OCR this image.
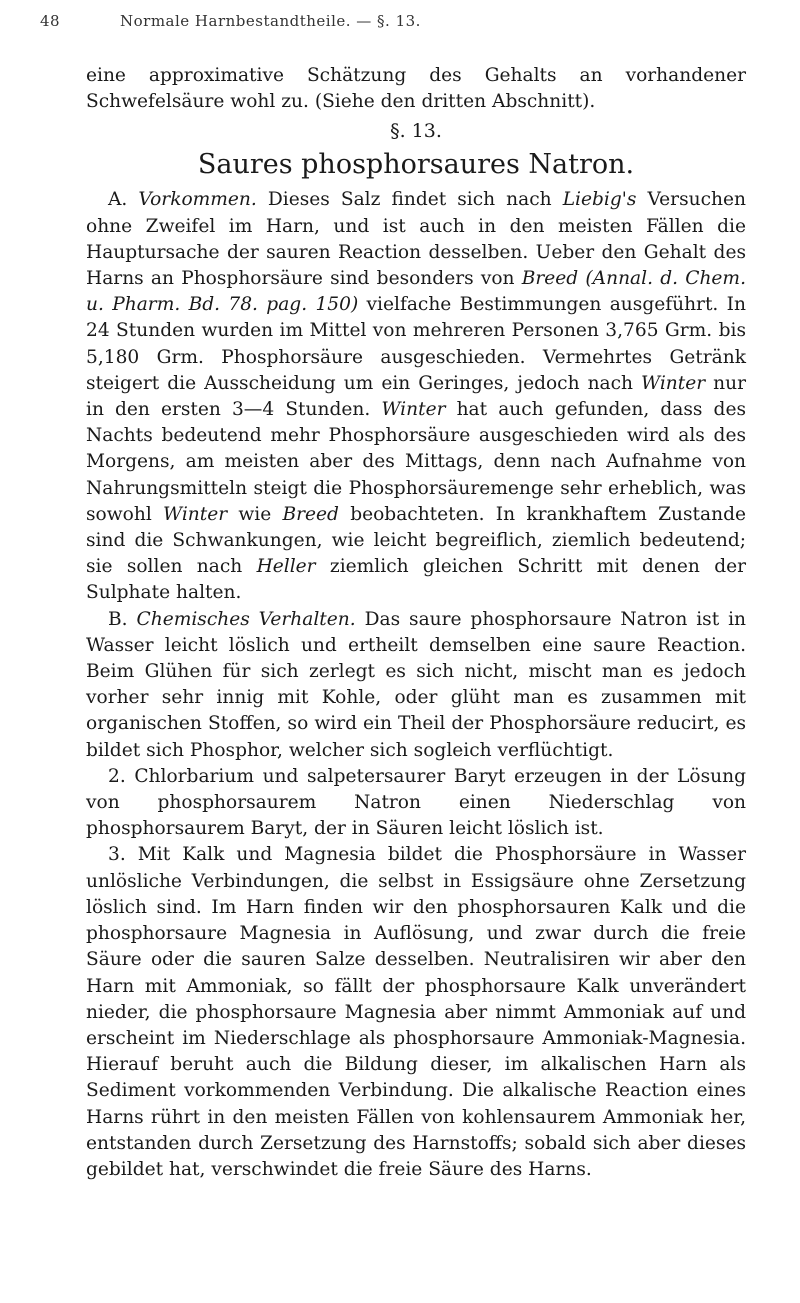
48	Normale Harnbestandtheile. — §. 13.

eine approximative Schätzung des Gehalts an vorhandener Schwefelsäure wohl zu. (Siehe den dritten Abschnitt).

§. 13.
Saures phosphorsaures Natron.

A. Vorkommen. Dieses Salz findet sich nach Liebig's Versuchen ohne Zweifel im Harn, und ist auch in den meisten Fällen die Hauptursache der sauren Reaction desselben. Ueber den Gehalt des Harns an Phosphorsäure sind besonders von Breed (Annal. d. Chem. u. Pharm. Bd. 78. pag. 150) vielfache Bestimmungen ausgeführt. In 24 Stunden wurden im Mittel von mehreren Personen 3,765 Grm. bis 5,180 Grm. Phosphorsäure ausgeschieden. Vermehrtes Getränk steigert die Ausscheidung um ein Geringes, jedoch nach Winter nur in den ersten 3—4 Stunden. Winter hat auch gefunden, dass des Nachts bedeutend mehr Phosphorsäure ausgeschieden wird als des Morgens, am meisten aber des Mittags, denn nach Aufnahme von Nahrungsmitteln steigt die Phosphorsäuremenge sehr erheblich, was sowohl Winter wie Breed beobachteten. In krankhaftem Zustande sind die Schwankungen, wie leicht begreiflich, ziemlich bedeutend; sie sollen nach Heller ziemlich gleichen Schritt mit denen der Sulphate halten.

B. Chemisches Verhalten. Das saure phosphorsaure Natron ist in Wasser leicht löslich und ertheilt demselben eine saure Reaction. Beim Glühen für sich zerlegt es sich nicht, mischt man es jedoch vorher sehr innig mit Kohle, oder glüht man es zusammen mit organischen Stoffen, so wird ein Theil der Phosphorsäure reducirt, es bildet sich Phosphor, welcher sich sogleich verflüchtigt.

2. Chlorbarium und salpetersaurer Baryt erzeugen in der Lösung von phosphorsaurem Natron einen Niederschlag von phosphorsaurem Baryt, der in Säuren leicht löslich ist.

3. Mit Kalk und Magnesia bildet die Phosphorsäure in Wasser unlösliche Verbindungen, die selbst in Essigsäure ohne Zersetzung löslich sind. Im Harn finden wir den phosphorsauren Kalk und die phosphorsaure Magnesia in Auflösung, und zwar durch die freie Säure oder die sauren Salze desselben. Neutralisiren wir aber den Harn mit Ammoniak, so fällt der phosphorsaure Kalk unverändert nieder, die phosphorsaure Magnesia aber nimmt Ammoniak auf und erscheint im Niederschlage als phosphorsaure Ammoniak-Magnesia. Hierauf beruht auch die Bildung dieser, im alkalischen Harn als Sediment vorkommenden Verbindung. Die alkalische Reaction eines Harns rührt in den meisten Fällen von kohlensaurem Ammoniak her, entstanden durch Zersetzung des Harnstoffs; sobald sich aber dieses gebildet hat, verschwindet die freie Säure des Harns.
